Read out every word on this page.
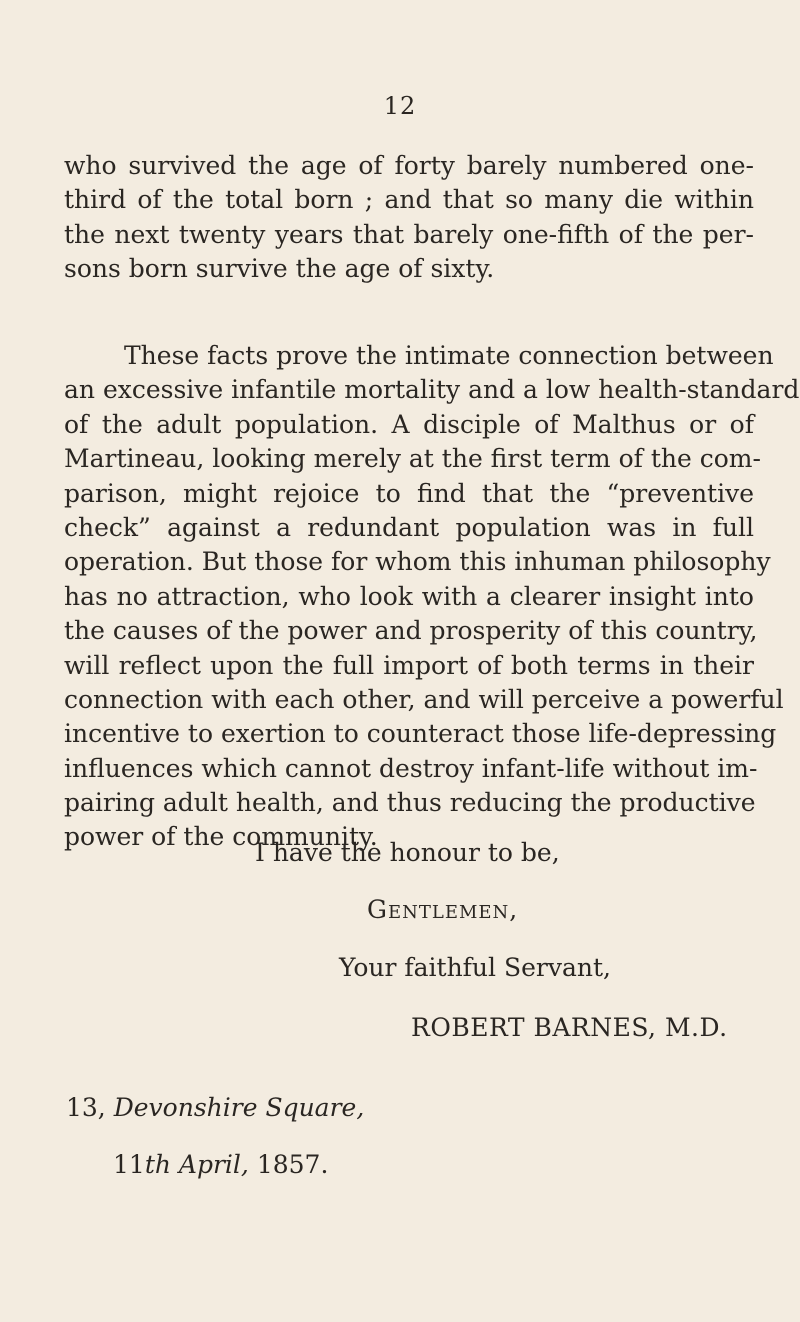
12
who survived the age of forty barely numbered one-
third of the total born ; and that so many die within
the next twenty years that barely one-fifth of the per-
sons born survive the age of sixty.
These facts prove the intimate connection between
an excessive infantile mortality and a low health-standard
of the adult population. A disciple of Malthus or of
Martineau, looking merely at the first term of the com-
parison, might rejoice to find that the “preventive
check” against a redundant population was in full
operation. But those for whom this inhuman philosophy
has no attraction, who look with a clearer insight into
the causes of the power and prosperity of this country,
will reflect upon the full import of both terms in their
connection with each other, and will perceive a powerful
incentive to exertion to counteract those life-depressing
influences which cannot destroy infant-life without im-
pairing adult health, and thus reducing the productive
power of the community.
I have the honour to be,
Gentlemen,
Your faithful Servant,
ROBERT BARNES, M.D.
13, Devonshire Square,
11th April, 1857.
